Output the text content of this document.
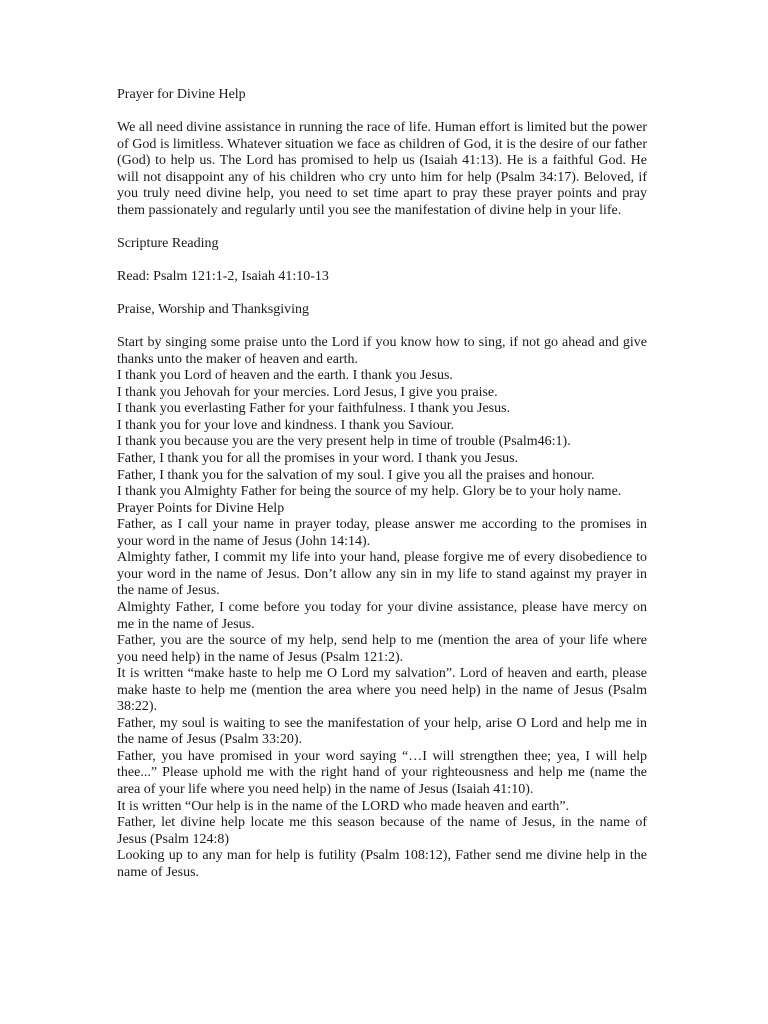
Prayer for Divine Help

We all need divine assistance in running the race of life. Human effort is limited but the power of God is limitless. Whatever situation we face as children of God, it is the desire of our father (God) to help us. The Lord has promised to help us (Isaiah 41:13). He is a faithful God. He will not disappoint any of his children who cry unto him for help (Psalm 34:17). Beloved, if you truly need divine help, you need to set time apart to pray these prayer points and pray them passionately and regularly until you see the manifestation of divine help in your life.

Scripture Reading

Read: Psalm 121:1-2, Isaiah 41:10-13

Praise, Worship and Thanksgiving

Start by singing some praise unto the Lord if you know how to sing, if not go ahead and give thanks unto the maker of heaven and earth.

I thank you Lord of heaven and the earth. I thank you Jesus.

I thank you Jehovah for your mercies. Lord Jesus, I give you praise.

I thank you everlasting Father for your faithfulness. I thank you Jesus.

I thank you for your love and kindness. I thank you Saviour.

I thank you because you are the very present help in time of trouble (Psalm46:1).

Father, I thank you for all the promises in your word. I thank you Jesus.

Father, I thank you for the salvation of my soul. I give you all the praises and honour.

I thank you Almighty Father for being the source of my help. Glory be to your holy name.

Prayer Points for Divine Help

Father, as I call your name in prayer today, please answer me according to the promises in your word in the name of Jesus (John 14:14).

Almighty father, I commit my life into your hand, please forgive me of every disobedience to your word in the name of Jesus. Don’t allow any sin in my life to stand against my prayer in the name of Jesus.

Almighty Father, I come before you today for your divine assistance, please have mercy on me in the name of Jesus.

Father, you are the source of my help, send help to me (mention the area of your life where you need help) in the name of Jesus (Psalm 121:2).

It is written “make haste to help me O Lord my salvation”. Lord of heaven and earth, please make haste to help me (mention the area where you need help) in the name of Jesus (Psalm 38:22).

Father, my soul is waiting to see the manifestation of your help, arise O Lord and help me in the name of Jesus (Psalm 33:20).

Father, you have promised in your word saying “…I will strengthen thee; yea, I will help thee...” Please uphold me with the right hand of your righteousness and help me (name the area of your life where you need help) in the name of Jesus (Isaiah 41:10).

It is written “Our help is in the name of the LORD who made heaven and earth”.

Father, let divine help locate me this season because of the name of Jesus, in the name of Jesus (Psalm 124:8)

Looking up to any man for help is futility (Psalm 108:12), Father send me divine help in the name of Jesus.
